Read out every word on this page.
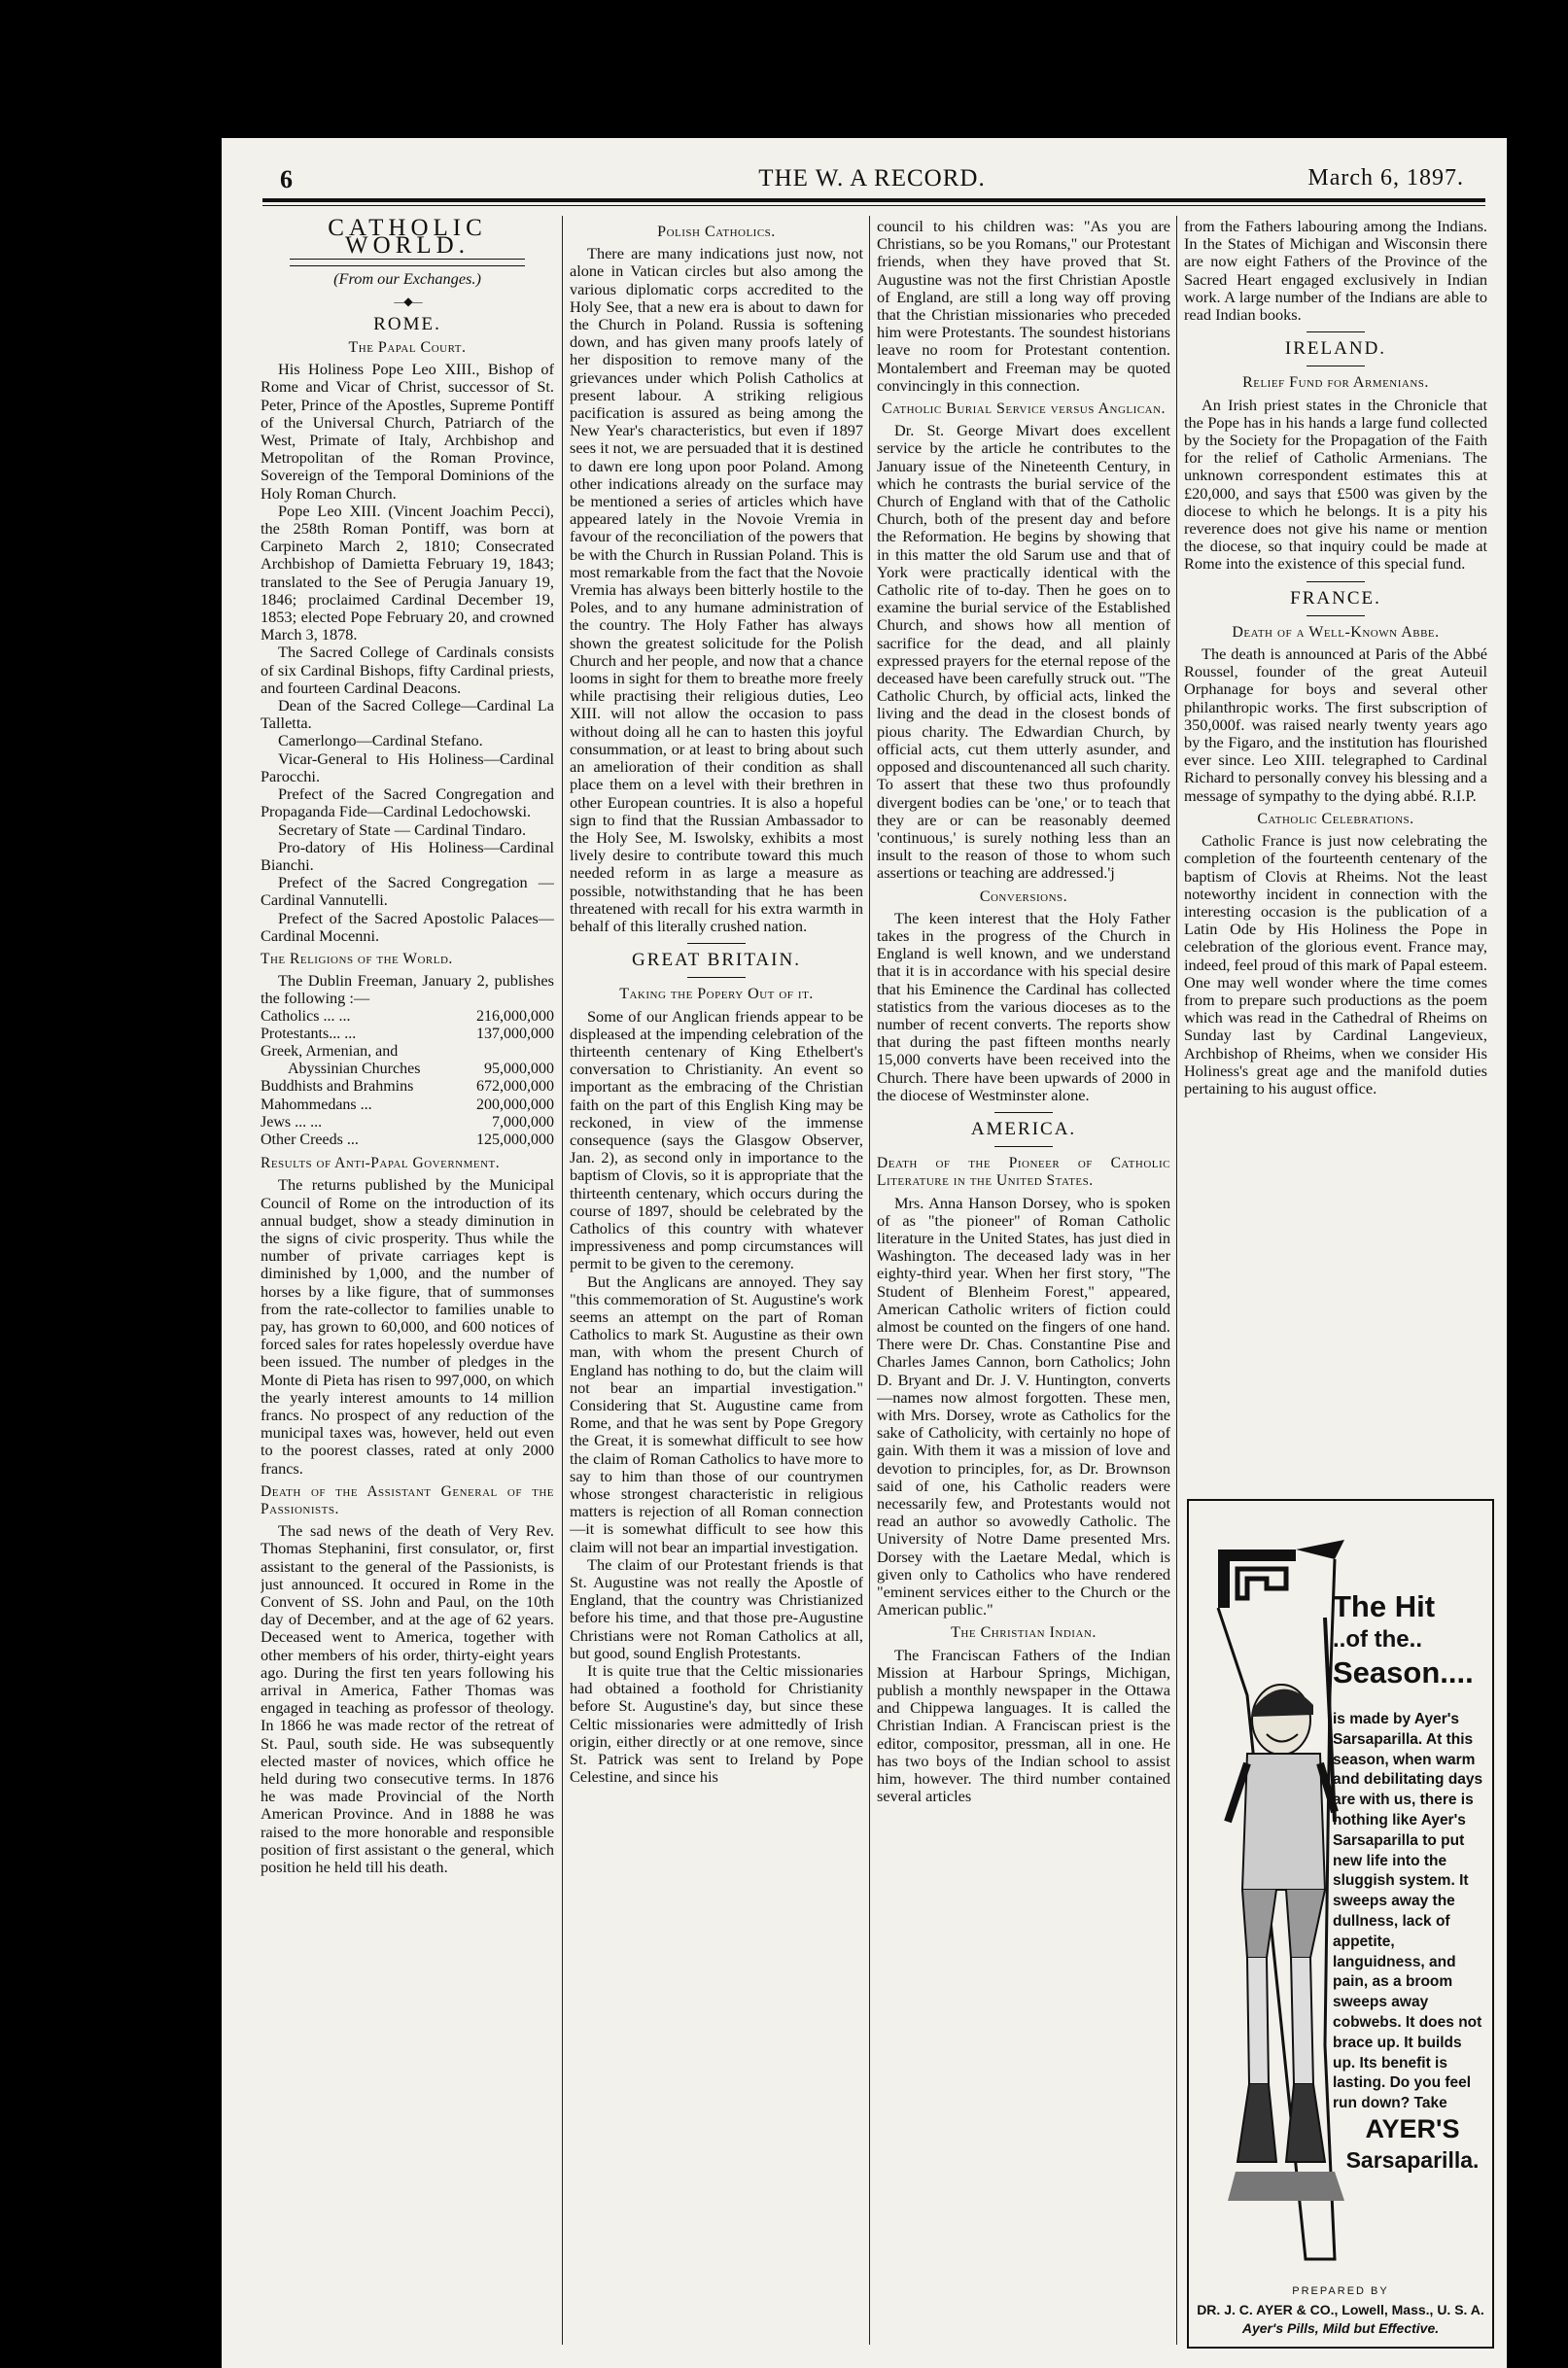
6	THE W. A RECORD.	March 6, 1897.
CATHOLIC WORLD.
(From our Exchanges.)
—◆—
ROME.
The Papal Court.

His Holiness Pope Leo XIII., Bishop of Rome and Vicar of Christ, successor of St. Peter, Prince of the Apostles, Supreme Pontiff of the Universal Church, Patriarch of the West, Primate of Italy, Archbishop and Metropolitan of the Roman Province, Sovereign of the Temporal Dominions of the Holy Roman Church.

Pope Leo XIII. (Vincent Joachim Pecci), the 258th Roman Pontiff, was born at Carpineto March 2, 1810; Consecrated Archbishop of Damietta February 19, 1843; translated to the See of Perugia January 19, 1846; proclaimed Cardinal December 19, 1853; elected Pope February 20, and crowned March 3, 1878.

The Sacred College of Cardinals consists of six Cardinal Bishops, fifty Cardinal priests, and fourteen Cardinal Deacons.

Dean of the Sacred College—Cardinal La Talletta.

Camerlongo—Cardinal Stefano.

Vicar-General to His Holiness—Cardinal Parocchi.

Prefect of the Sacred Congregation and Propaganda Fide—Cardinal Ledochowski.

Secretary of State — Cardinal Tindaro.

Pro-datory of His Holiness—Cardinal Bianchi.

Prefect of the Sacred Congregation —Cardinal Vannutelli.

Prefect of the Sacred Apostolic Palaces—Cardinal Mocenni.

The Religions of the World.

The Dublin Freeman, January 2, publishes the following :—

Catholics ... ...	216,000,000
Protestants... ...	137,000,000
Greek, Armenian, and	
Abyssinian Churches	95,000,000
Buddhists and Brahmins	672,000,000
Mahommedans ...	200,000,000
Jews ... ...	7,000,000
Other Creeds ...	125,000,000
Results of Anti-Papal Government.

The returns published by the Municipal Council of Rome on the introduction of its annual budget, show a steady diminution in the signs of civic prosperity. Thus while the number of private carriages kept is diminished by 1,000, and the number of horses by a like figure, that of summonses from the rate-collector to families unable to pay, has grown to 60,000, and 600 notices of forced sales for rates hopelessly overdue have been issued. The number of pledges in the Monte di Pieta has risen to 997,000, on which the yearly interest amounts to 14 million francs. No prospect of any reduction of the municipal taxes was, however, held out even to the poorest classes, rated at only 2000 francs.

Death of the Assistant General of the Passionists.

The sad news of the death of Very Rev. Thomas Stephanini, first consulator, or, first assistant to the general of the Passionists, is just announced. It occured in Rome in the Convent of SS. John and Paul, on the 10th day of December, and at the age of 62 years. Deceased went to America, together with other members of his order, thirty-eight years ago. During the first ten years following his arrival in America, Father Thomas was engaged in teaching as professor of theology. In 1866 he was made rector of the retreat of St. Paul, south side. He was subsequently elected master of novices, which office he held during two consecutive terms. In 1876 he was made Provincial of the North American Province. And in 1888 he was raised to the more honorable and responsible position of first assistant o the general, which position he held till his death.

Polish Catholics.

There are many indications just now, not alone in Vatican circles but also among the various diplomatic corps accredited to the Holy See, that a new era is about to dawn for the Church in Poland. Russia is softening down, and has given many proofs lately of her disposition to remove many of the grievances under which Polish Catholics at present labour. A striking religious pacification is assured as being among the New Year's characteristics, but even if 1897 sees it not, we are persuaded that it is destined to dawn ere long upon poor Poland. Among other indications already on the surface may be mentioned a series of articles which have appeared lately in the Novoie Vremia in favour of the reconciliation of the powers that be with the Church in Russian Poland. This is most remarkable from the fact that the Novoie Vremia has always been bitterly hostile to the Poles, and to any humane administration of the country. The Holy Father has always shown the greatest solicitude for the Polish Church and her people, and now that a chance looms in sight for them to breathe more freely while practising their religious duties, Leo XIII. will not allow the occasion to pass without doing all he can to hasten this joyful consummation, or at least to bring about such an amelioration of their condition as shall place them on a level with their brethren in other European countries. It is also a hopeful sign to find that the Russian Ambassador to the Holy See, M. Iswolsky, exhibits a most lively desire to contribute toward this much needed reform in as large a measure as possible, notwithstanding that he has been threatened with recall for his extra warmth in behalf of this literally crushed nation.

GREAT BRITAIN.
Taking the Popery Out of it.

Some of our Anglican friends appear to be displeased at the impending celebration of the thirteenth centenary of King Ethelbert's conversation to Christianity. An event so important as the embracing of the Christian faith on the part of this English King may be reckoned, in view of the immense consequence (says the Glasgow Observer, Jan. 2), as second only in importance to the baptism of Clovis, so it is appropriate that the thirteenth centenary, which occurs during the course of 1897, should be celebrated by the Catholics of this country with whatever impressiveness and pomp circumstances will permit to be given to the ceremony.

But the Anglicans are annoyed. They say "this commemoration of St. Augustine's work seems an attempt on the part of Roman Catholics to mark St. Augustine as their own man, with whom the present Church of England has nothing to do, but the claim will not bear an impartial investigation." Considering that St. Augustine came from Rome, and that he was sent by Pope Gregory the Great, it is somewhat difficult to see how the claim of Roman Catholics to have more to say to him than those of our countrymen whose strongest characteristic in religious matters is rejection of all Roman connection—it is somewhat difficult to see how this claim will not bear an impartial investigation.

The claim of our Protestant friends is that St. Augustine was not really the Apostle of England, that the country was Christianized before his time, and that those pre-Augustine Christians were not Roman Catholics at all, but good, sound English Protestants.

It is quite true that the Celtic missionaries had obtained a foothold for Christianity before St. Augustine's day, but since these Celtic missionaries were admittedly of Irish origin, either directly or at one remove, since St. Patrick was sent to Ireland by Pope Celestine, and since his

council to his children was: "As you are Christians, so be you Romans," our Protestant friends, when they have proved that St. Augustine was not the first Christian Apostle of England, are still a long way off proving that the Christian missionaries who preceded him were Protestants. The soundest historians leave no room for Protestant contention. Montalembert and Freeman may be quoted convincingly in this connection.

Catholic Burial Service versus Anglican.

Dr. St. George Mivart does excellent service by the article he contributes to the January issue of the Nineteenth Century, in which he contrasts the burial service of the Church of England with that of the Catholic Church, both of the present day and before the Reformation. He begins by showing that in this matter the old Sarum use and that of York were practically identical with the Catholic rite of to-day. Then he goes on to examine the burial service of the Established Church, and shows how all mention of sacrifice for the dead, and all plainly expressed prayers for the eternal repose of the deceased have been carefully struck out. "The Catholic Church, by official acts, linked the living and the dead in the closest bonds of pious charity. The Edwardian Church, by official acts, cut them utterly asunder, and opposed and discountenanced all such charity. To assert that these two thus profoundly divergent bodies can be 'one,' or to teach that they are or can be reasonably deemed 'continuous,' is surely nothing less than an insult to the reason of those to whom such assertions or teaching are addressed.'j

Conversions.

The keen interest that the Holy Father takes in the progress of the Church in England is well known, and we understand that it is in accordance with his special desire that his Eminence the Cardinal has collected statistics from the various dioceses as to the number of recent converts. The reports show that during the past fifteen months nearly 15,000 converts have been received into the Church. There have been upwards of 2000 in the diocese of Westminster alone.

AMERICA.
Death of the Pioneer of Catholic Literature in the United States.

Mrs. Anna Hanson Dorsey, who is spoken of as "the pioneer" of Roman Catholic literature in the United States, has just died in Washington. The deceased lady was in her eighty-third year. When her first story, "The Student of Blenheim Forest," appeared, American Catholic writers of fiction could almost be counted on the fingers of one hand. There were Dr. Chas. Constantine Pise and Charles James Cannon, born Catholics; John D. Bryant and Dr. J. V. Huntington, converts—names now almost forgotten. These men, with Mrs. Dorsey, wrote as Catholics for the sake of Catholicity, with certainly no hope of gain. With them it was a mission of love and devotion to principles, for, as Dr. Brownson said of one, his Catholic readers were necessarily few, and Protestants would not read an author so avowedly Catholic. The University of Notre Dame presented Mrs. Dorsey with the Laetare Medal, which is given only to Catholics who have rendered "eminent services either to the Church or the American public."

The Christian Indian.

The Franciscan Fathers of the Indian Mission at Harbour Springs, Michigan, publish a monthly newspaper in the Ottawa and Chippewa languages. It is called the Christian Indian. A Franciscan priest is the editor, compositor, pressman, all in one. He has two boys of the Indian school to assist him, however. The third number contained several articles

from the Fathers labouring among the Indians. In the States of Michigan and Wisconsin there are now eight Fathers of the Province of the Sacred Heart engaged exclusively in Indian work. A large number of the Indians are able to read Indian books.

IRELAND.
Relief Fund for Armenians.

An Irish priest states in the Chronicle that the Pope has in his hands a large fund collected by the Society for the Propagation of the Faith for the relief of Catholic Armenians. The unknown correspondent estimates this at £20,000, and says that £500 was given by the diocese to which he belongs. It is a pity his reverence does not give his name or mention the diocese, so that inquiry could be made at Rome into the existence of this special fund.

FRANCE.
Death of a Well-Known Abbe.

The death is announced at Paris of the Abbé Roussel, founder of the great Auteuil Orphanage for boys and several other philanthropic works. The first subscription of 350,000f. was raised nearly twenty years ago by the Figaro, and the institution has flourished ever since. Leo XIII. telegraphed to Cardinal Richard to personally convey his blessing and a message of sympathy to the dying abbé. R.I.P.

Catholic Celebrations.

Catholic France is just now celebrating the completion of the fourteenth centenary of the baptism of Clovis at Rheims. Not the least noteworthy incident in connection with the interesting occasion is the publication of a Latin Ode by His Holiness the Pope in celebration of the glorious event. France may, indeed, feel proud of this mark of Papal esteem. One may well wonder where the time comes from to prepare such productions as the poem which was read in the Cathedral of Rheims on Sunday last by Cardinal Langevieux, Archbishop of Rheims, when we consider His Holiness's great age and the manifold duties pertaining to his august office.

The Hit
..of the..
Season....
is made by Ayer's Sarsaparilla. At this season, when warm and debilitating days are with us, there is nothing like Ayer's Sarsaparilla to put new life into the sluggish system. It sweeps away the dullness, lack of appetite, languidness, and pain, as a broom sweeps away cobwebs. It does not brace up. It builds up. Its benefit is lasting. Do you feel run down? Take
AYER'S
Sarsaparilla.
PREPARED BY
DR. J. C. AYER & CO., Lowell, Mass., U. S. A.
Ayer's Pills, Mild but Effective.
